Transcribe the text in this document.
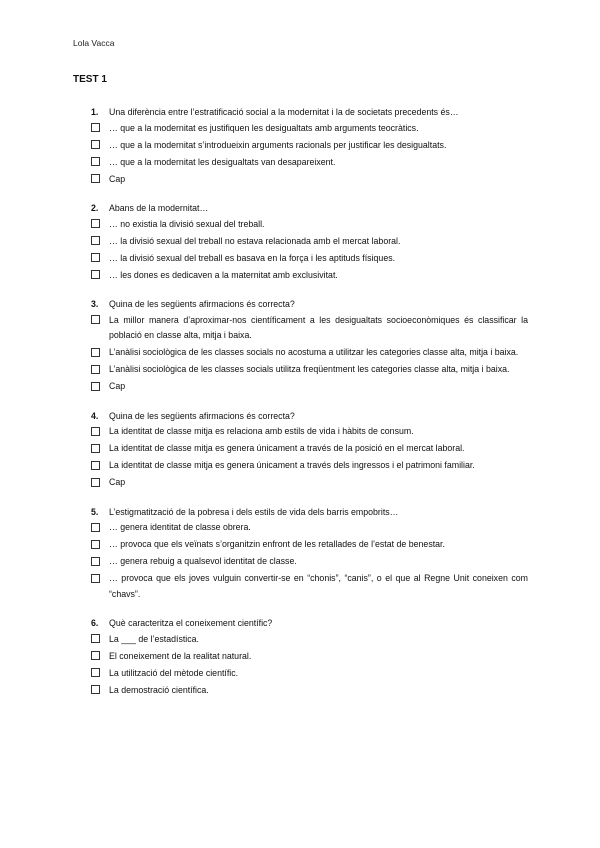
Lola Vacca
TEST 1
1.	Una diferència entre l’estratificació social a la modernitat i la de societats precedents és…
… que a la modernitat es justifiquen les desigualtats amb arguments teocràtics.
… que a la modernitat s’introdueixin arguments racionals per justificar les desigualtats.
… que a la modernitat les desigualtats van desapareixent.
Cap
2.	Abans de la modernitat…
… no existia la divisió sexual del treball.
… la divisió sexual del treball no estava relacionada amb el mercat laboral.
… la divisió sexual del treball es basava en la força i les aptituds físiques.
… les dones es dedicaven a la maternitat amb exclusivitat.
3.	Quina de les següents afirmacions és correcta?
La millor manera d’aproximar-nos científicament a les desigualtats socioeconòmiques és classificar la població en classe alta, mitja i baixa.
L’anàlisi sociològica de les classes socials no acostuma a utilitzar les categories classe alta, mitja i baixa.
L’anàlisi sociològica de les classes socials utilitza freqüentment les categories classe alta, mitja i baixa.
Cap
4.	Quina de les següents afirmacions és correcta?
La identitat de classe mitja es relaciona amb estils de vida i hàbits de consum.
La identitat de classe mitja es genera únicament a través de la posició en el mercat laboral.
La identitat de classe mitja es genera únicament a través dels ingressos i el patrimoni familiar.
Cap
5.	L’estigmatització de la pobresa i dels estils de vida dels barris empobrits…
… genera identitat de classe obrera.
… provoca que els veïnats s’organitzin enfront de les retallades de l’estat de benestar.
… genera rebuig a qualsevol identitat de classe.
… provoca que els joves vulguin convertir-se en “chonis”, “canis”, o el que al Regne Unit coneixen com “chavs”.
6.	Què caracteritza el coneixement científic?
La ___ de l’estadística.
El coneixement de la realitat natural.
La utilització del mètode científic.
La demostració científica.
